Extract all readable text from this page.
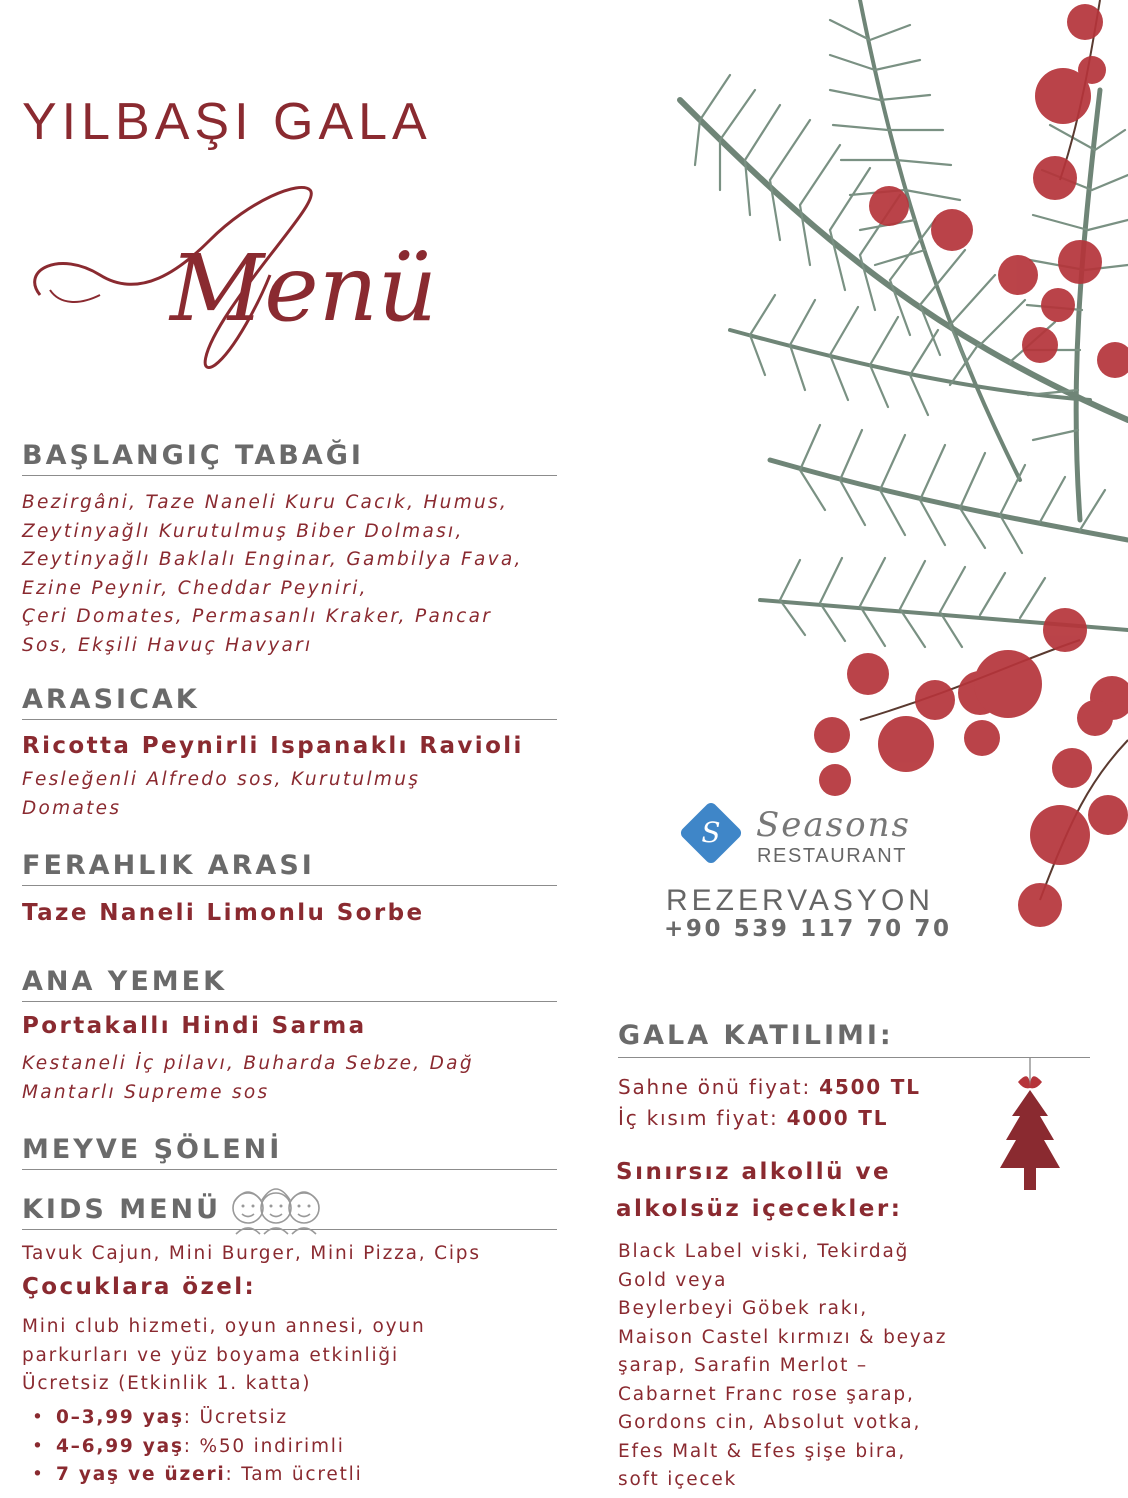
YILBAŞI GALA
Menü
BAŞLANGIÇ TABAĞI
Bezirgâni, Taze Naneli Kuru Cacık, Humus,
Zeytinyağlı Kurutulmuş Biber Dolması,
Zeytinyağlı Baklalı Enginar, Gambilya Fava,
Ezine Peynir, Cheddar Peyniri,
Çeri Domates, Permasanlı Kraker, Pancar
Sos, Ekşili Havuç Havyarı
ARASICAK
Ricotta Peynirli Ispanaklı Ravioli
Fesleğenli Alfredo sos, Kurutulmuş
Domates
FERAHLIK ARASI
Taze Naneli Limonlu Sorbe
ANA YEMEK
Portakallı Hindi Sarma
Kestaneli İç pilavı, Buharda Sebze, Dağ
Mantarlı Supreme sos
MEYVE ŞÖLENİ
KIDS MENÜ
Tavuk Cajun, Mini Burger, Mini Pizza, Cips
Çocuklara özel:
Mini club hizmeti, oyun annesi, oyun
parkurları ve yüz boyama etkinliği
Ücretsiz (Etkinlik 1. katta)
• 0–3,99 yaş: Ücretsiz
• 4–6,99 yaş: %50 indirimli
• 7 yaş ve üzeri: Tam ücretli
S Seasons
RESTAURANT
REZERVASYON
+90 539 117 70 70
GALA KATILIMI:
Sahne önü fiyat: 4500 TL
İç kısım fiyat: 4000 TL
Sınırsız alkollü ve
alkolsüz içecekler:
Black Label viski, Tekirdağ
Gold veya
Beylerbeyi Göbek rakı,
Maison Castel kırmızı & beyaz
şarap, Sarafin Merlot –
Cabarnet Franc rose şarap,
Gordons cin, Absolut votka,
Efes Malt & Efes şişe bira,
soft içecek
